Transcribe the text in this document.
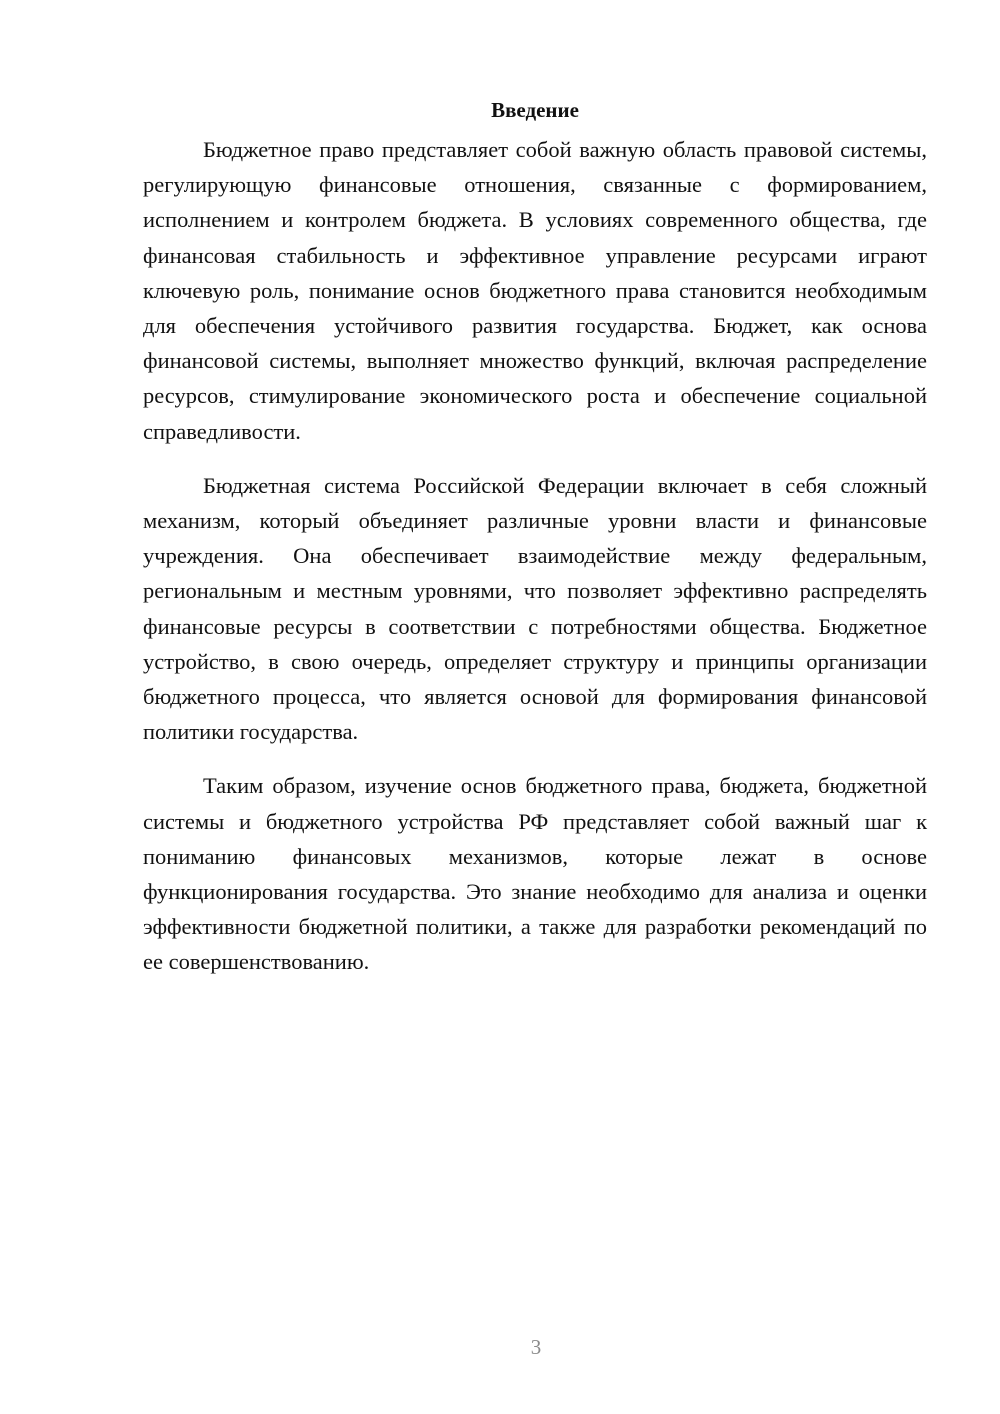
Введение

Бюджетное право представляет собой важную область правовой системы, регулирующую финансовые отношения, связанные с формированием, исполнением и контролем бюджета. В условиях современного общества, где финансовая стабильность и эффективное управление ресурсами играют ключевую роль, понимание основ бюджетного права становится необходимым для обеспечения устойчивого развития государства. Бюджет, как основа финансовой системы, выполняет множество функций, включая распределение ресурсов, стимулирование экономического роста и обеспечение социальной справедливости.

Бюджетная система Российской Федерации включает в себя сложный механизм, который объединяет различные уровни власти и финансовые учреждения. Она обеспечивает взаимодействие между федеральным, региональным и местным уровнями, что позволяет эффективно распределять финансовые ресурсы в соответствии с потребностями общества. Бюджетное устройство, в свою очередь, определяет структуру и принципы организации бюджетного процесса, что является основой для формирования финансовой политики государства.

Таким образом, изучение основ бюджетного права, бюджета, бюджетной системы и бюджетного устройства РФ представляет собой важный шаг к пониманию финансовых механизмов, которые лежат в основе функционирования государства. Это знание необходимо для анализа и оценки эффективности бюджетной политики, а также для разработки рекомендаций по ее совершенствованию.

3
